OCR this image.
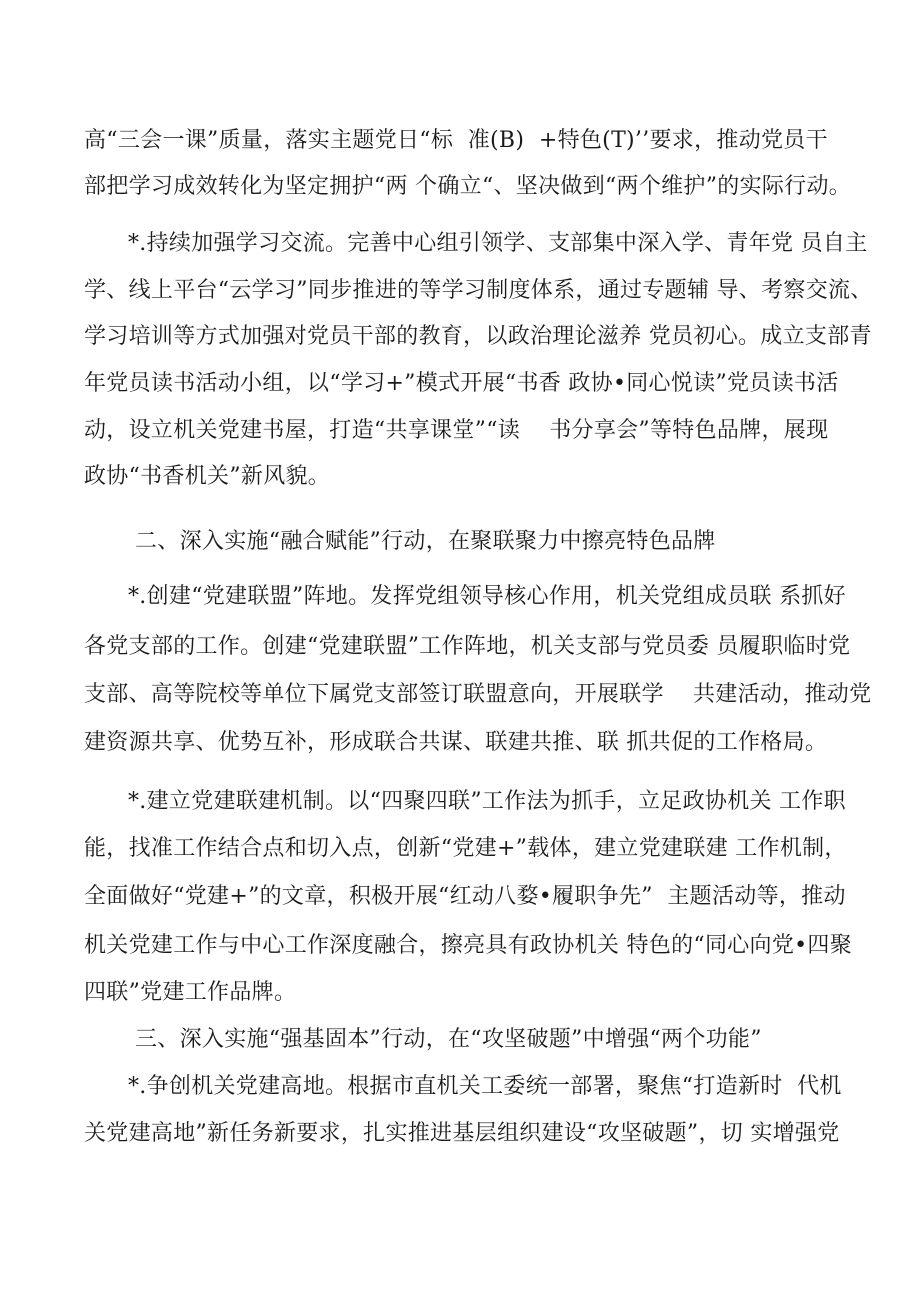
高“三会一课”质量，落实主题党日“标  准(B)  +特色(T)’’要求，推动党员干
部把学习成效转化为坚定拥护“两 个确立“、坚决做到“两个维护”的实际行动。
*.持续加强学习交流。完善中心组引领学、支部集中深入学、青年党 员自主
学、线上平台“云学习”同步推进的等学习制度体系，通过专题辅 导、考察交流、
学习培训等方式加强对党员干部的教育，以政治理论滋养 党员初心。成立支部青
年党员读书活动小组，以“学习+”模式开展“书香 政协•同心悦读”党员读书活
动，设立机关党建书屋，打造“共享课堂”“读    书分享会”等特色品牌，展现
政协“书香机关”新风貌。
二、深入实施“融合赋能”行动，在聚联聚力中擦亮特色品牌
*.创建“党建联盟”阵地。发挥党组领导核心作用，机关党组成员联 系抓好
各党支部的工作。创建“党建联盟”工作阵地，机关支部与党员委 员履职临时党
支部、高等院校等单位下属党支部签订联盟意向，开展联学    共建活动，推动党
建资源共享、优势互补，形成联合共谋、联建共推、联 抓共促的工作格局。
*.建立党建联建机制。以“四聚四联”工作法为抓手，立足政协机关 工作职
能，找准工作结合点和切入点，创新“党建+”载体，建立党建联建 工作机制，
全面做好“党建+”的文章，积极开展“红动八婺•履职争先”  主题活动等，推动
机关党建工作与中心工作深度融合，擦亮具有政协机关 特色的“同心向党•四聚
四联”党建工作品牌。
三、深入实施“强基固本”行动，在“攻坚破题”中增强“两个功能”
*.争创机关党建高地。根据市直机关工委统一部署，聚焦“打造新时  代机
关党建高地”新任务新要求，扎实推进基层组织建设“攻坚破题”，切 实增强党
